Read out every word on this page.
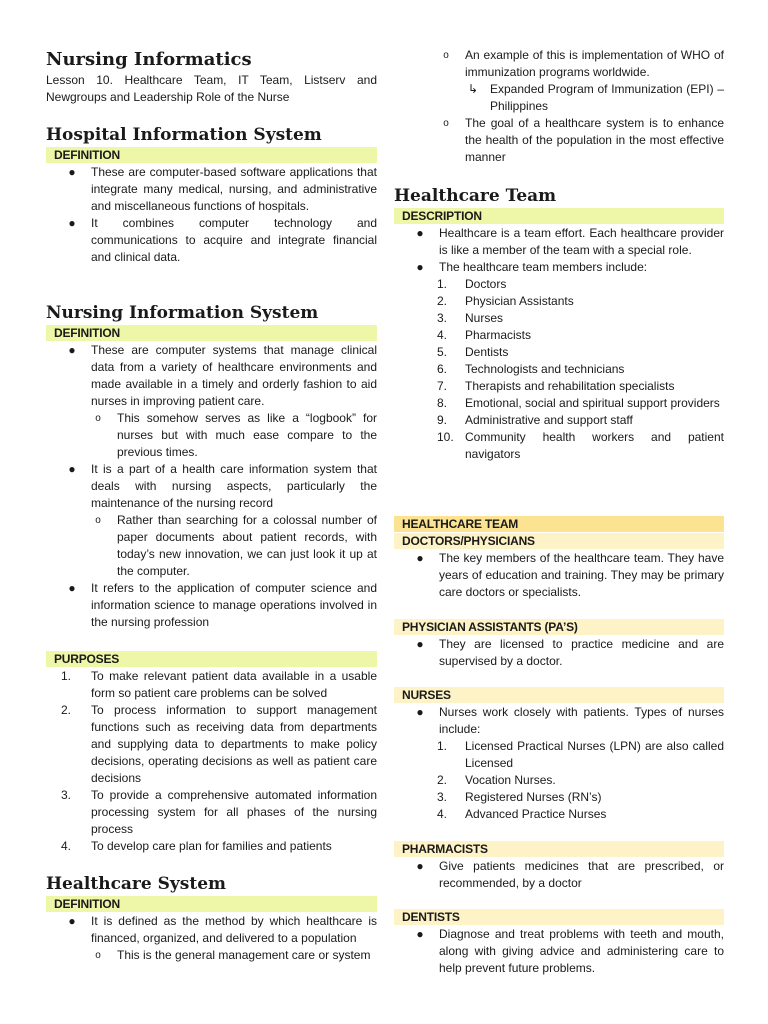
Nursing Informatics

Lesson 10. Healthcare Team, IT Team, Listserv and Newgroups and Leadership Role of the Nurse

Hospital Information System
DEFINITION
● These are computer-based software applications that integrate many medical, nursing, and administrative and miscellaneous functions of hospitals.
● It combines computer technology and communications to acquire and integrate financial and clinical data.
Nursing Information System
DEFINITION
● These are computer systems that manage clinical data from a variety of healthcare environments and made available in a timely and orderly fashion to aid nurses in improving patient care.
o This somehow serves as like a “logbook” for nurses but with much ease compare to the previous times.
● It is a part of a health care information system that deals with nursing aspects, particularly the maintenance of the nursing record
o Rather than searching for a colossal number of paper documents about patient records, with today’s new innovation, we can just look it up at the computer.
● It refers to the application of computer science and information science to manage operations involved in the nursing profession
PURPOSES
1.	To make relevant patient data available in a usable form so patient care problems can be solved
2.	To process information to support management functions such as receiving data from departments and supplying data to departments to make policy decisions, operating decisions as well as patient care decisions
3.	To provide a comprehensive automated information processing system for all phases of the nursing process
4.	To develop care plan for families and patients
Healthcare System
DEFINITION
● It is defined as the method by which healthcare is financed, organized, and delivered to a population
o This is the general management care or system
o An example of this is implementation of WHO of immunization programs worldwide.
↳ Expanded Program of Immunization (EPI) – Philippines
o The goal of a healthcare system is to enhance the health of the population in the most effective manner
Healthcare Team
DESCRIPTION
● Healthcare is a team effort. Each healthcare provider is like a member of the team with a special role.
● The healthcare team members include:
1.	Doctors
2.	Physician Assistants
3.	Nurses
4.	Pharmacists
5.	Dentists
6.	Technologists and technicians
7.	Therapists and rehabilitation specialists
8.	Emotional, social and spiritual support providers
9.	Administrative and support staff
10. Community health workers and patient navigators
HEALTHCARE TEAM
DOCTORS/PHYSICIANS
● The key members of the healthcare team. They have years of education and training. They may be primary care doctors or specialists.
PHYSICIAN ASSISTANTS (PA’S)
● They are licensed to practice medicine and are supervised by a doctor.
NURSES
● Nurses work closely with patients. Types of nurses include:
1.	Licensed Practical Nurses (LPN) are also called Licensed
2.	Vocation Nurses.
3.	Registered Nurses (RN’s)
4.	Advanced Practice Nurses
PHARMACISTS
● Give patients medicines that are prescribed, or recommended, by a doctor
DENTISTS
● Diagnose and treat problems with teeth and mouth, along with giving advice and administering care to help prevent future problems.
